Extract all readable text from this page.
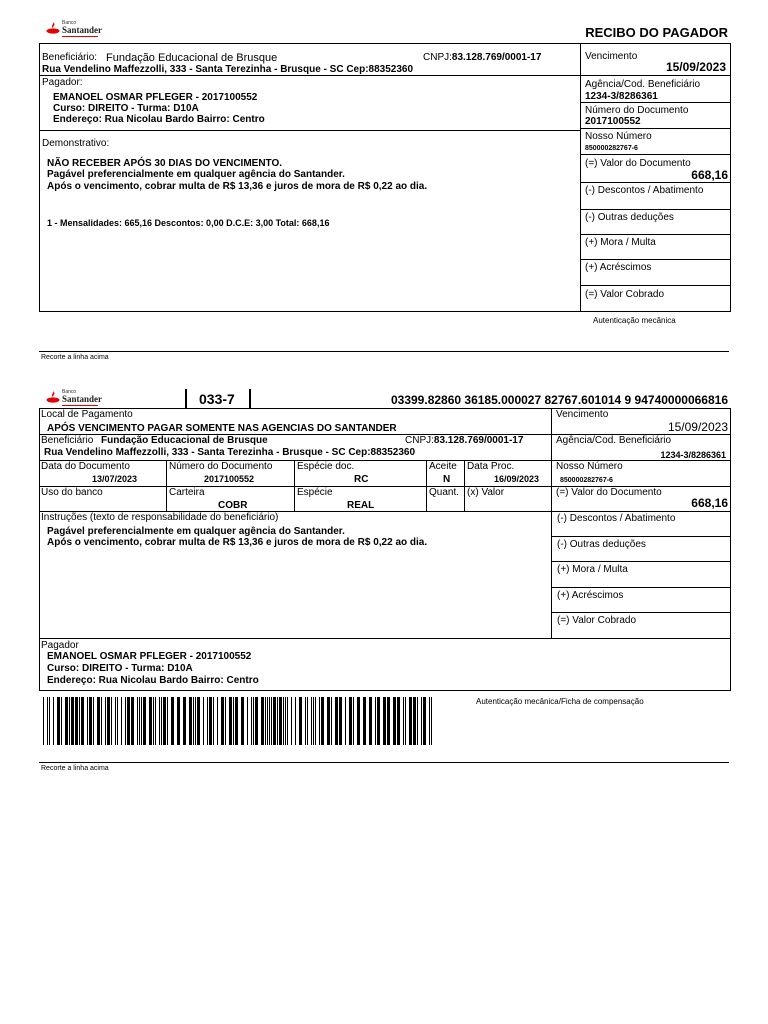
Banco
Santander	RECIBO DO PAGADOR
Beneficiário: Fundação Educacional de Brusque	CNPJ:83.128.769/0001-17
Rua Vendelino Maffezzolli, 333 - Santa Terezinha - Brusque - SC Cep:88352360
Pagador:
EMANOEL OSMAR PFLEGER - 2017100552
Curso: DIREITO - Turma: D10A
Endereço: Rua Nicolau Bardo Bairro: Centro
Demonstrativo:
NÃO RECEBER APÓS 30 DIAS DO VENCIMENTO.
Pagável preferencialmente em qualquer agência do Santander.
Após o vencimento, cobrar multa de R$ 13,36 e juros de mora de R$ 0,22 ao dia.
1 - Mensalidades: 665,16 Descontos: 0,00 D.C.E: 3,00 Total: 668,16
Vencimento
15/09/2023
Agência/Cod. Beneficiário
1234-3/8286361
Número do Documento
2017100552
Nosso Número
850000282767-6
(=) Valor do Documento
668,16
(-) Descontos / Abatimento
(-) Outras deduções
(+) Mora / Multa
(+) Acréscimos
(=) Valor Cobrado
Autenticação mecânica
Recorte a linha acima
Banco
Santander	033-7	03399.82860 36185.000027 82767.601014 9 94740000066816
Local de Pagamento
APÓS VENCIMENTO PAGAR SOMENTE NAS AGENCIAS DO SANTANDER
Vencimento
15/09/2023
Beneficiário Fundação Educacional de Brusque	CNPJ:83.128.769/0001-17
Rua Vendelino Maffezzolli, 333 - Santa Terezinha - Brusque - SC Cep:88352360
Agência/Cod. Beneficiário
1234-3/8286361
Data do Documento
13/07/2023
Número do Documento
2017100552
Espécie doc.
RC
Aceite
N
Data Proc.
16/09/2023
Nosso Número
850000282767-6
Uso do banco	Carteira
COBR
Espécie
REAL
Quant. (x) Valor	(=) Valor do Documento
668,16
Instruções (texto de responsabilidade do beneficiário)
Pagável preferencialmente em qualquer agência do Santander.
Após o vencimento, cobrar multa de R$ 13,36 e juros de mora de R$ 0,22 ao dia.
(-) Descontos / Abatimento
(-) Outras deduções
(+) Mora / Multa
(+) Acréscimos
(=) Valor Cobrado
Pagador
EMANOEL OSMAR PFLEGER - 2017100552
Curso: DIREITO - Turma: D10A
Endereço: Rua Nicolau Bardo Bairro: Centro
Autenticação mecânica/Ficha de compensação
Recorte a linha acima
